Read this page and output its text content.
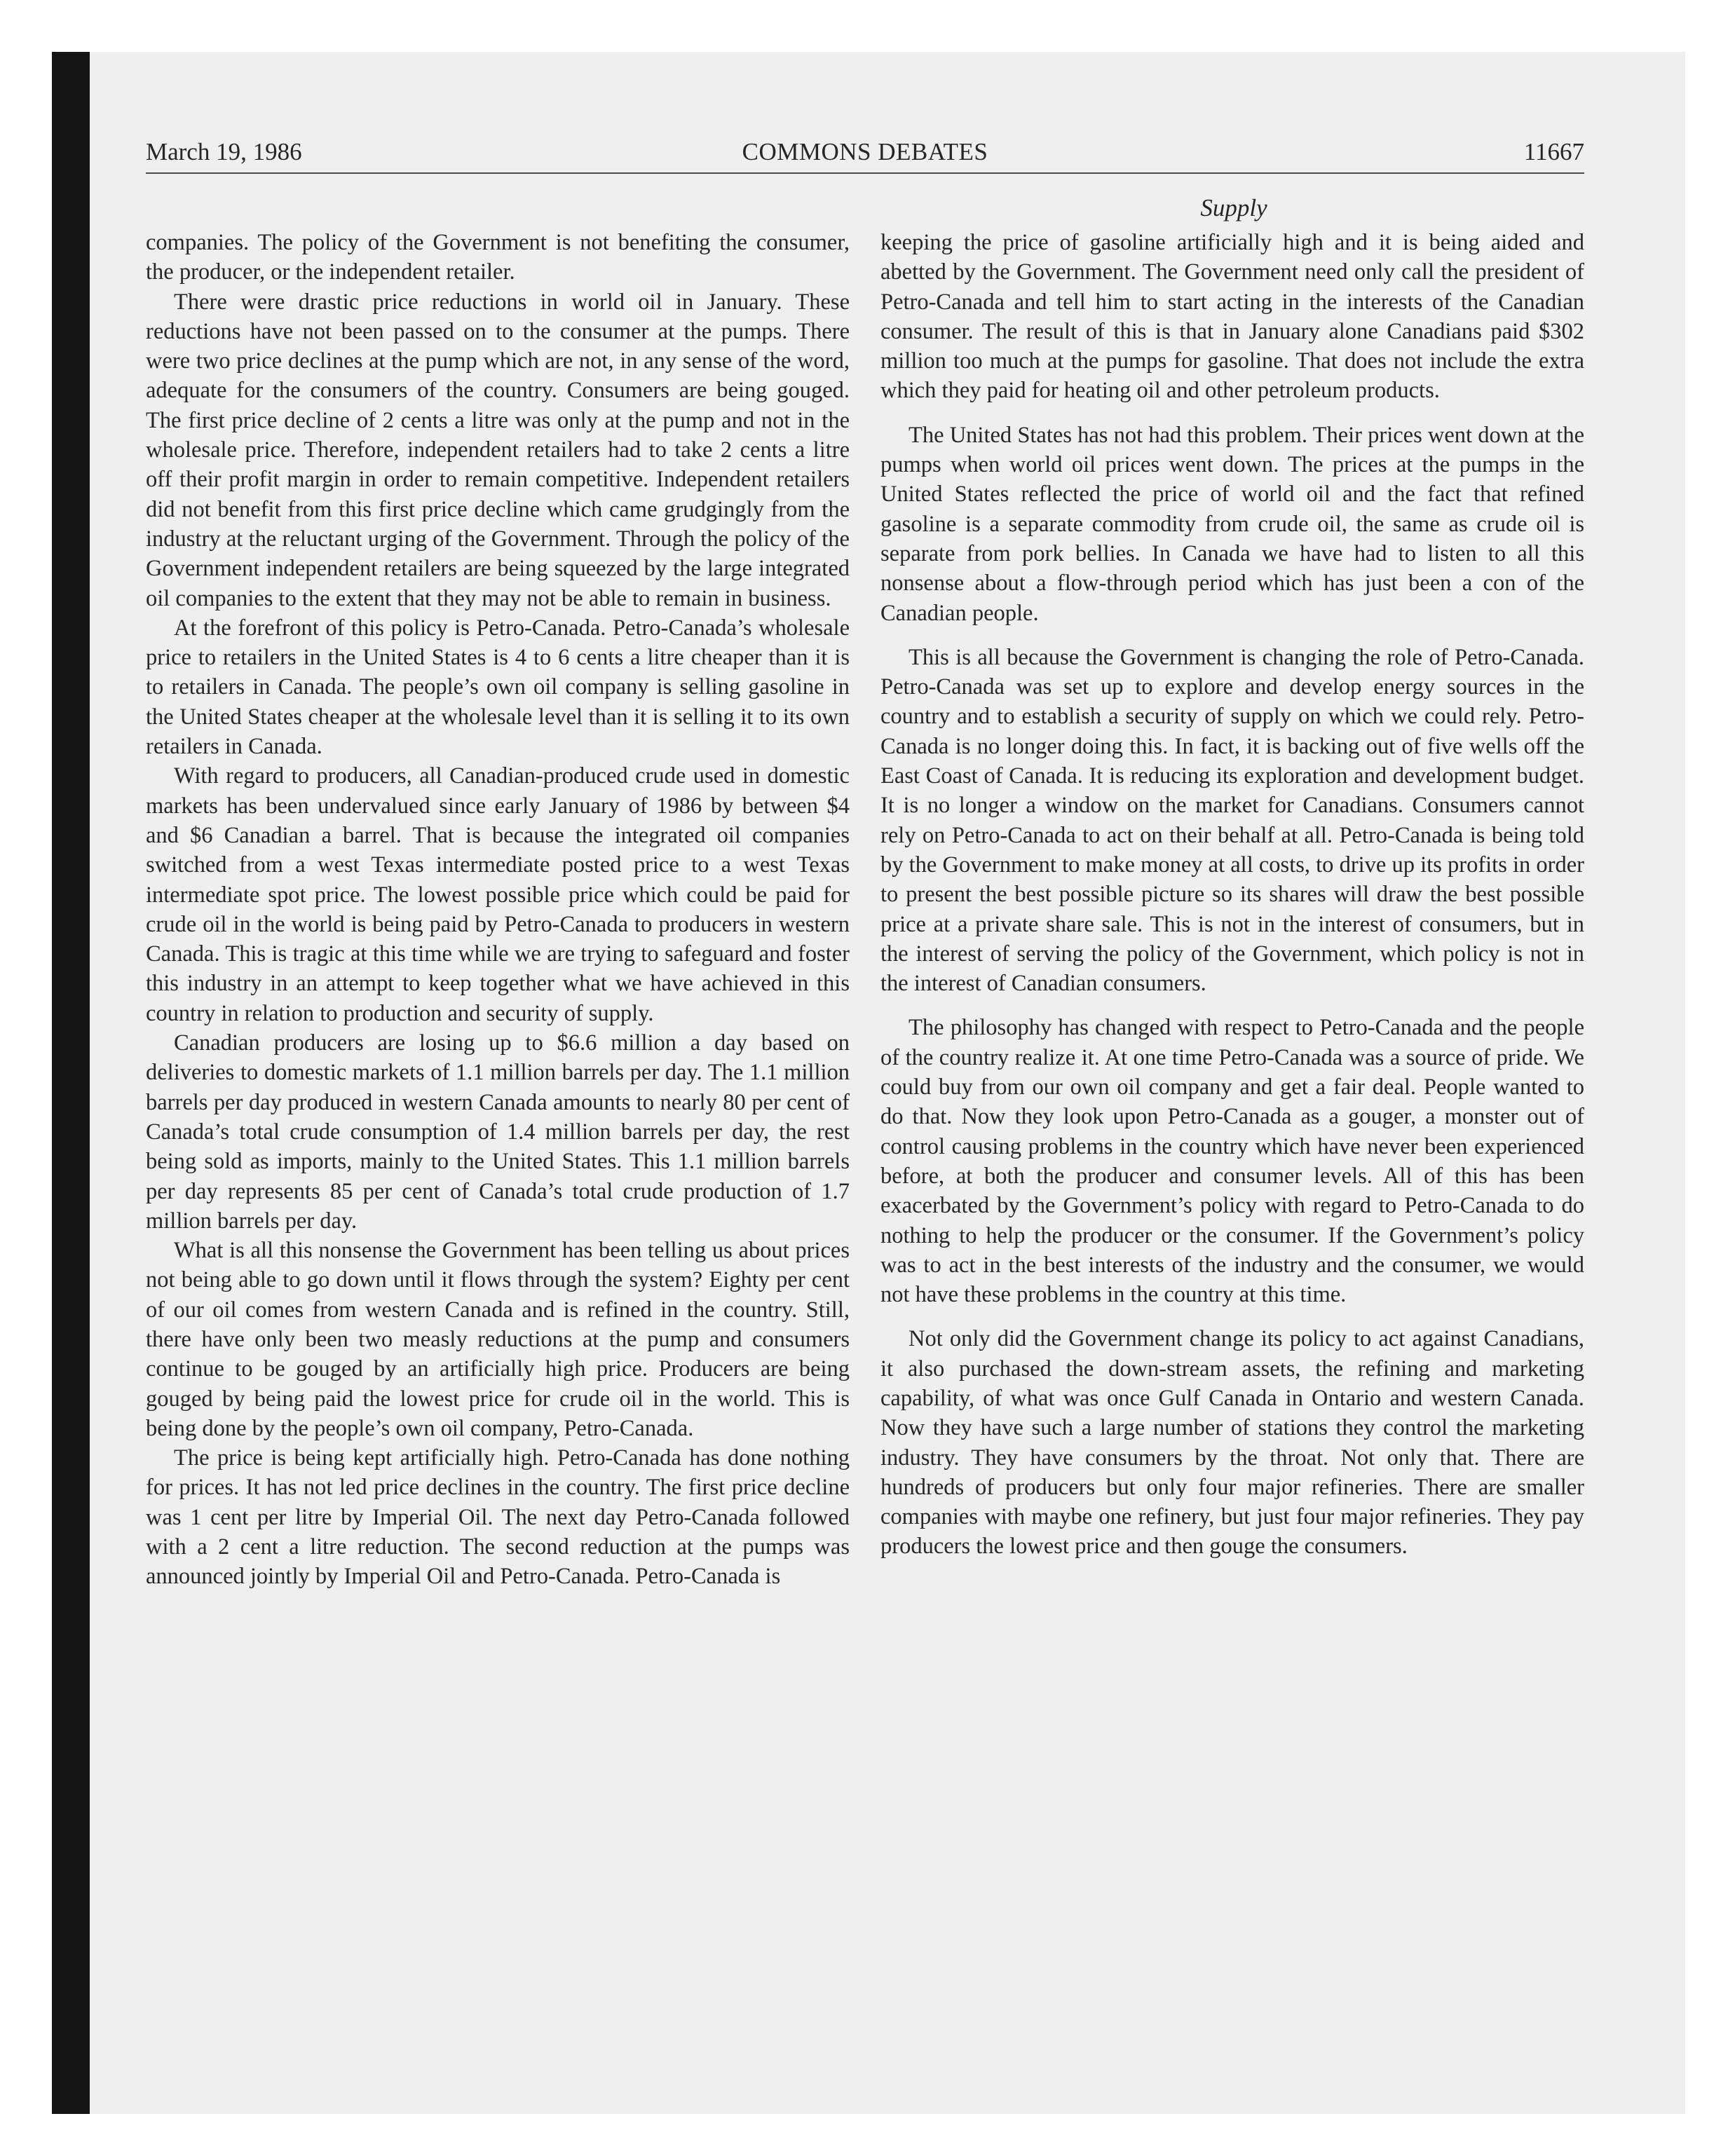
March 19, 1986	COMMONS DEBATES	11667
Supply

companies. The policy of the Government is not benefiting the consumer, the producer, or the independent retailer.

There were drastic price reductions in world oil in January. These reductions have not been passed on to the consumer at the pumps. There were two price declines at the pump which are not, in any sense of the word, adequate for the consumers of the country. Consumers are being gouged. The first price decline of 2 cents a litre was only at the pump and not in the wholesale price. Therefore, independent retailers had to take 2 cents a litre off their profit margin in order to remain competitive. Independent retailers did not benefit from this first price decline which came grudgingly from the industry at the reluctant urging of the Government. Through the policy of the Government independent retailers are being squeezed by the large integrated oil companies to the extent that they may not be able to remain in business.

At the forefront of this policy is Petro-Canada. Petro-Canada’s wholesale price to retailers in the United States is 4 to 6 cents a litre cheaper than it is to retailers in Canada. The people’s own oil company is selling gasoline in the United States cheaper at the wholesale level than it is selling it to its own retailers in Canada.

With regard to producers, all Canadian-produced crude used in domestic markets has been undervalued since early January of 1986 by between $4 and $6 Canadian a barrel. That is because the integrated oil companies switched from a west Texas intermediate posted price to a west Texas intermediate spot price. The lowest possible price which could be paid for crude oil in the world is being paid by Petro-Canada to producers in western Canada. This is tragic at this time while we are trying to safeguard and foster this industry in an attempt to keep together what we have achieved in this country in relation to production and security of supply.

Canadian producers are losing up to $6.6 million a day based on deliveries to domestic markets of 1.1 million barrels per day. The 1.1 million barrels per day produced in western Canada amounts to nearly 80 per cent of Canada’s total crude consumption of 1.4 million barrels per day, the rest being sold as imports, mainly to the United States. This 1.1 million barrels per day represents 85 per cent of Canada’s total crude production of 1.7 million barrels per day.

What is all this nonsense the Government has been telling us about prices not being able to go down until it flows through the system? Eighty per cent of our oil comes from western Canada and is refined in the country. Still, there have only been two measly reductions at the pump and consumers continue to be gouged by an artificially high price. Producers are being gouged by being paid the lowest price for crude oil in the world. This is being done by the people’s own oil company, Petro-Canada.

The price is being kept artificially high. Petro-Canada has done nothing for prices. It has not led price declines in the country. The first price decline was 1 cent per litre by Imperial Oil. The next day Petro-Canada followed with a 2 cent a litre reduction. The second reduction at the pumps was announced jointly by Imperial Oil and Petro-Canada. Petro-Canada is

keeping the price of gasoline artificially high and it is being aided and abetted by the Government. The Government need only call the president of Petro-Canada and tell him to start acting in the interests of the Canadian consumer. The result of this is that in January alone Canadians paid $302 million too much at the pumps for gasoline. That does not include the extra which they paid for heating oil and other petroleum products.

The United States has not had this problem. Their prices went down at the pumps when world oil prices went down. The prices at the pumps in the United States reflected the price of world oil and the fact that refined gasoline is a separate commodity from crude oil, the same as crude oil is separate from pork bellies. In Canada we have had to listen to all this nonsense about a flow-through period which has just been a con of the Canadian people.

This is all because the Government is changing the role of Petro-Canada. Petro-Canada was set up to explore and develop energy sources in the country and to establish a security of supply on which we could rely. Petro-Canada is no longer doing this. In fact, it is backing out of five wells off the East Coast of Canada. It is reducing its exploration and development budget. It is no longer a window on the market for Canadians. Consumers cannot rely on Petro-Canada to act on their behalf at all. Petro-Canada is being told by the Government to make money at all costs, to drive up its profits in order to present the best possible picture so its shares will draw the best possible price at a private share sale. This is not in the interest of consumers, but in the interest of serving the policy of the Government, which policy is not in the interest of Canadian consumers.

The philosophy has changed with respect to Petro-Canada and the people of the country realize it. At one time Petro-Canada was a source of pride. We could buy from our own oil company and get a fair deal. People wanted to do that. Now they look upon Petro-Canada as a gouger, a monster out of control causing problems in the country which have never been experienced before, at both the producer and consumer levels. All of this has been exacerbated by the Government’s policy with regard to Petro-Canada to do nothing to help the producer or the consumer. If the Government’s policy was to act in the best interests of the industry and the consumer, we would not have these problems in the country at this time.

Not only did the Government change its policy to act against Canadians, it also purchased the down-stream assets, the refining and marketing capability, of what was once Gulf Canada in Ontario and western Canada. Now they have such a large number of stations they control the marketing industry. They have consumers by the throat. Not only that. There are hundreds of producers but only four major refineries. There are smaller companies with maybe one refinery, but just four major refineries. They pay producers the lowest price and then gouge the consumers.
